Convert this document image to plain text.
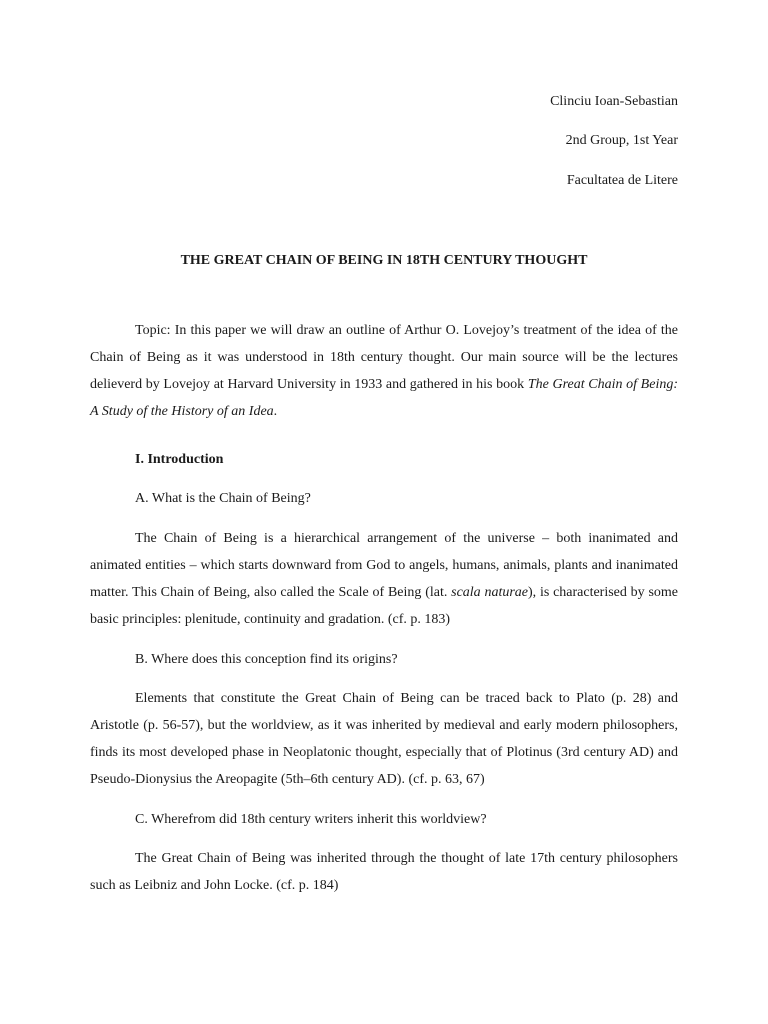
Clinciu Ioan-Sebastian
2nd Group, 1st Year
Facultatea de Litere
THE GREAT CHAIN OF BEING IN 18TH CENTURY THOUGHT

Topic: In this paper we will draw an outline of Arthur O. Lovejoy’s treatment of the idea of the Chain of Being as it was understood in 18th century thought. Our main source will be the lectures delieverd by Lovejoy at Harvard University in 1933 and gathered in his book The Great Chain of Being: A Study of the History of an Idea.

I. Introduction
A. What is the Chain of Being?

The Chain of Being is a hierarchical arrangement of the universe – both inanimated and animated entities – which starts downward from God to angels, humans, animals, plants and inanimated matter. This Chain of Being, also called the Scale of Being (lat. scala naturae), is characterised by some basic principles: plenitude, continuity and gradation. (cf. p. 183)

B. Where does this conception find its origins?

Elements that constitute the Great Chain of Being can be traced back to Plato (p. 28) and Aristotle (p. 56-57), but the worldview, as it was inherited by medieval and early modern philosophers, finds its most developed phase in Neoplatonic thought, especially that of Plotinus (3rd century AD) and Pseudo-Dionysius the Areopagite (5th–6th century AD). (cf. p. 63, 67)

C. Wherefrom did 18th century writers inherit this worldview?

The Great Chain of Being was inherited through the thought of late 17th century philosophers such as Leibniz and John Locke. (cf. p. 184)
